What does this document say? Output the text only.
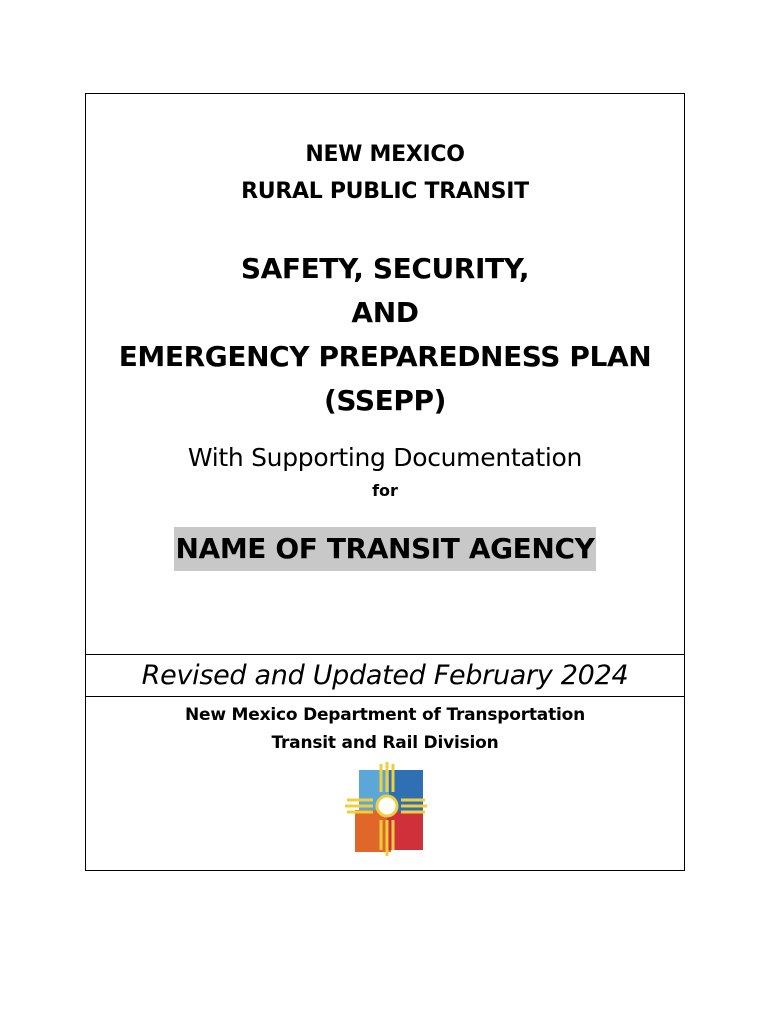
NEW MEXICO
RURAL PUBLIC TRANSIT
SAFETY, SECURITY,
AND
EMERGENCY PREPAREDNESS PLAN
(SSEPP)
With Supporting Documentation
for
NAME OF TRANSIT AGENCY
Revised and Updated February 2024
New Mexico Department of Transportation
Transit and Rail Division
